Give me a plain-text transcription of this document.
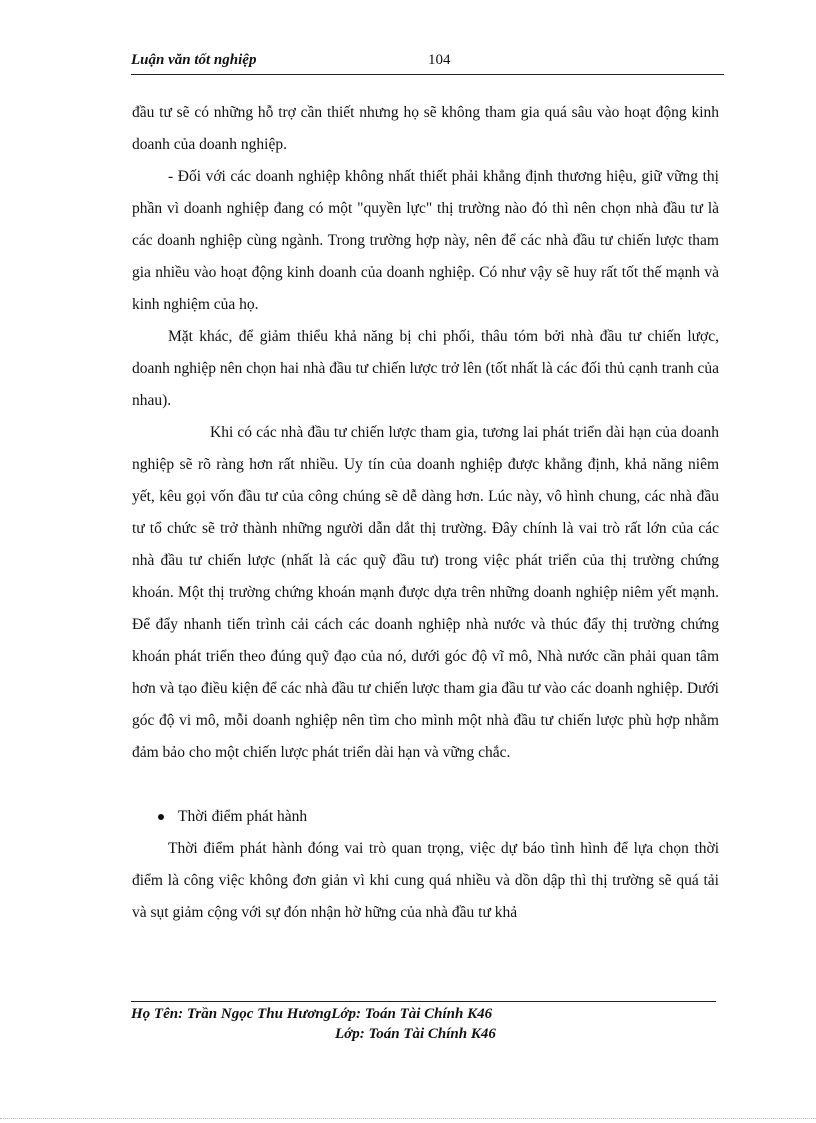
Luận văn tốt nghiệp	104

đầu tư sẽ có những hỗ trợ cần thiết nhưng họ sẽ không tham gia quá sâu vào hoạt động kinh doanh của doanh nghiệp.

- Đối với các doanh nghiệp không nhất thiết phải khẳng định thương hiệu, giữ vững thị phần vì doanh nghiệp đang có một "quyền lực" thị trường nào đó thì nên chọn nhà đầu tư là các doanh nghiệp cùng ngành. Trong trường hợp này, nên để các nhà đầu tư chiến lược tham gia nhiều vào hoạt động kinh doanh của doanh nghiệp. Có như vậy sẽ huy rất tốt thế mạnh và kinh nghiệm của họ.

Mặt khác, để giảm thiểu khả năng bị chi phối, thâu tóm bởi nhà đầu tư chiến lược, doanh nghiệp nên chọn hai nhà đầu tư chiến lược trở lên (tốt nhất là các đối thủ cạnh tranh của nhau).

Khi có các nhà đầu tư chiến lược tham gia, tương lai phát triển dài hạn của doanh nghiệp sẽ rõ ràng hơn rất nhiều. Uy tín của doanh nghiệp được khẳng định, khả năng niêm yết, kêu gọi vốn đầu tư của công chúng sẽ dễ dàng hơn. Lúc này, vô hình chung, các nhà đầu tư tổ chức sẽ trở thành những người dẫn dắt thị trường. Đây chính là vai trò rất lớn của các nhà đầu tư chiến lược (nhất là các quỹ đầu tư) trong việc phát triển của thị trường chứng khoán. Một thị trường chứng khoán mạnh được dựa trên những doanh nghiệp niêm yết mạnh. Để đẩy nhanh tiến trình cải cách các doanh nghiệp nhà nước và thúc đẩy thị trường chứng khoán phát triển theo đúng quỹ đạo của nó, dưới góc độ vĩ mô, Nhà nước cần phải quan tâm hơn và tạo điều kiện để các nhà đầu tư chiến lược tham gia đầu tư vào các doanh nghiệp. Dưới góc độ vi mô, mỗi doanh nghiệp nên tìm cho mình một nhà đầu tư chiến lược phù hợp nhằm đảm bảo cho một chiến lược phát triển dài hạn và vững chắc.

Thời điểm phát hành

Thời điểm phát hành đóng vai trò quan trọng, việc dự báo tình hình để lựa chọn thời điểm là công việc không đơn giản vì khi cung quá nhiều và dồn dập thì thị trường sẽ quá tải và sụt giảm cộng với sự đón nhận hờ hững của nhà đầu tư khả

Họ Tên: Trần Ngọc Thu HươngLớp: Toán Tài Chính K46
Lớp: Toán Tài Chính K46
